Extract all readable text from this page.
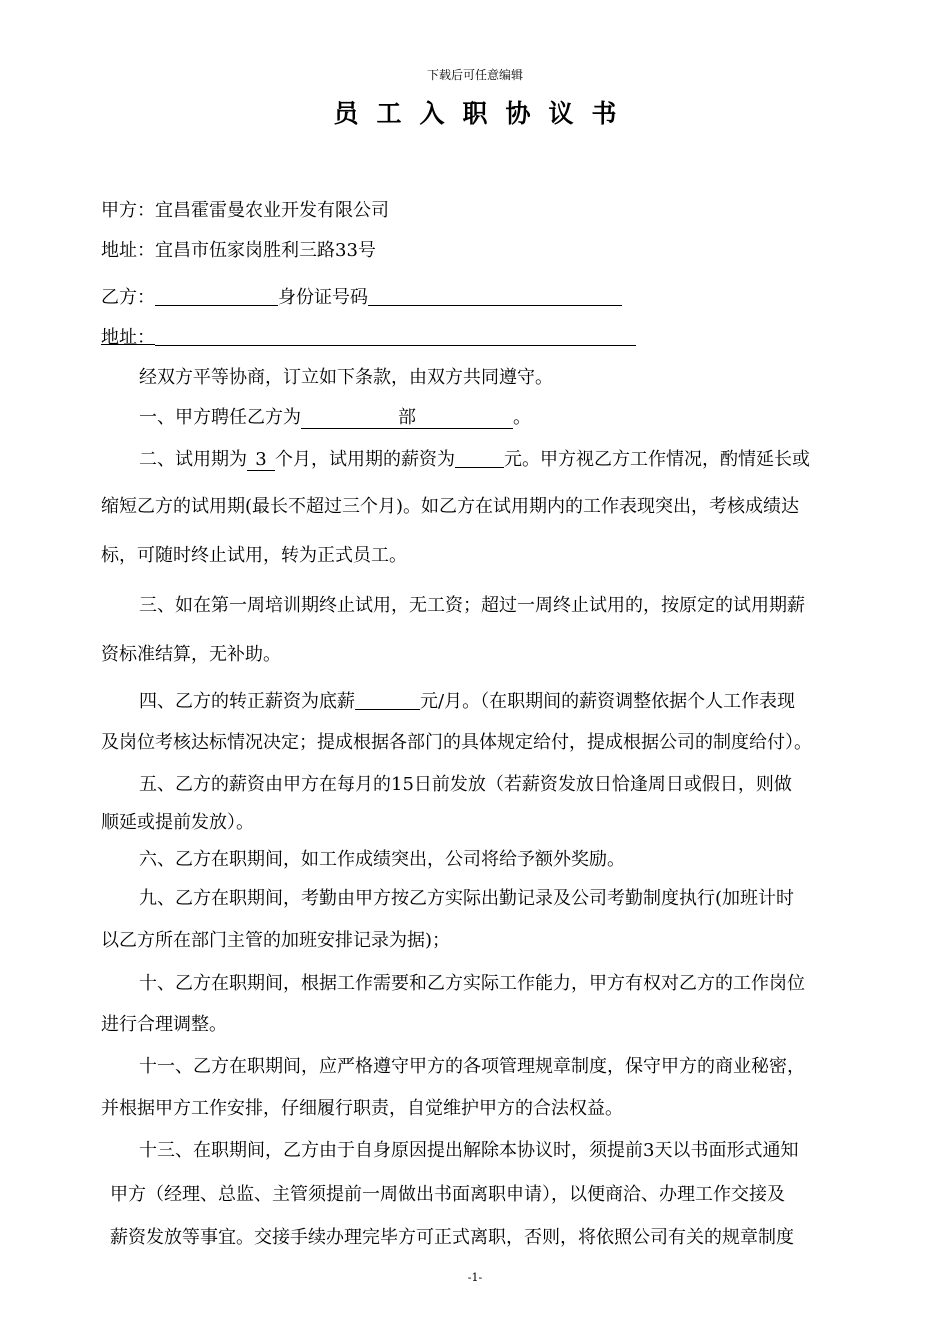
下载后可任意编辑
员工入职协议书
甲方：宜昌霍雷曼农业开发有限公司
地址：宜昌市伍家岗胜利三路33号
乙方：	身份证号码
地址：
经双方平等协商，订立如下条款，由双方共同遵守。
一、甲方聘任乙方为	部	。
二、试用期为 3 个月，试用期的薪资为	元。甲方视乙方工作情况，酌情延长或
缩短乙方的试用期(最长不超过三个月)。如乙方在试用期内的工作表现突出，考核成绩达
标，可随时终止试用，转为正式员工。
三、如在第一周培训期终止试用，无工资；超过一周终止试用的，按原定的试用期薪
资标准结算，无补助。
四、乙方的转正薪资为底薪	元/月。（在职期间的薪资调整依据个人工作表现
及岗位考核达标情况决定；提成根据各部门的具体规定给付，提成根据公司的制度给付）。
五、乙方的薪资由甲方在每月的15日前发放（若薪资发放日恰逢周日或假日，则做
顺延或提前发放）。
六、乙方在职期间，如工作成绩突出，公司将给予额外奖励。
九、乙方在职期间，考勤由甲方按乙方实际出勤记录及公司考勤制度执行(加班计时
以乙方所在部门主管的加班安排记录为据)；
十、乙方在职期间，根据工作需要和乙方实际工作能力，甲方有权对乙方的工作岗位
进行合理调整。
十一、乙方在职期间，应严格遵守甲方的各项管理规章制度，保守甲方的商业秘密，
并根据甲方工作安排，仔细履行职责，自觉维护甲方的合法权益。
十三、在职期间，乙方由于自身原因提出解除本协议时，须提前3天以书面形式通知
甲方（经理、总监、主管须提前一周做出书面离职申请），以便商洽、办理工作交接及
薪资发放等事宜。交接手续办理完毕方可正式离职，否则，将依照公司有关的规章制度
-1-
